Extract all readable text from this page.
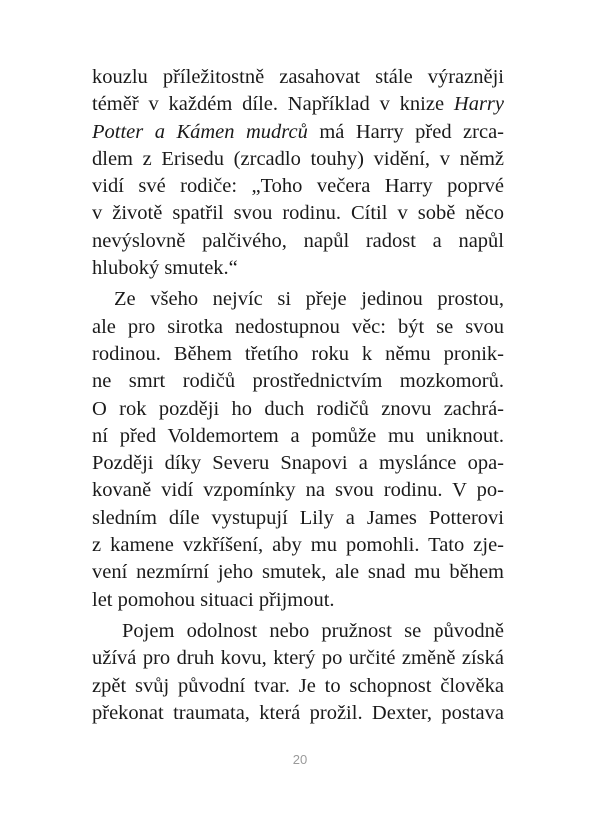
kouzlu příležitostně zasahovat stále výrazněji
téměř v každém díle. Například v knize Harry
Potter a Kámen mudrců má Harry před zrca-
dlem z Erisedu (zrcadlo touhy) vidění, v němž
vidí své rodiče: „Toho večera Harry poprvé
v životě spatřil svou rodinu. Cítil v sobě něco
nevýslovně palčivého, napůl radost a napůl
hluboký smutek.“
Ze všeho nejvíc si přeje jedinou prostou,
ale pro sirotka nedostupnou věc: být se svou
rodinou. Během třetího roku k němu pronik-
ne smrt rodičů prostřednictvím mozkomorů.
O rok později ho duch rodičů znovu zachrá-
ní před Voldemortem a pomůže mu uniknout.
Později díky Severu Snapovi a myslánce opa-
kovaně vidí vzpomínky na svou rodinu. V po-
sledním díle vystupují Lily a James Potterovi
z kamene vzkříšení, aby mu pomohli. Tato zje-
vení nezmírní jeho smutek, ale snad mu během
let pomohou situaci přijmout.
Pojem odolnost nebo pružnost se původně
užívá pro druh kovu, který po určité změně získá
zpět svůj původní tvar. Je to schopnost člověka
překonat traumata, která prožil. Dexter, postava
20
